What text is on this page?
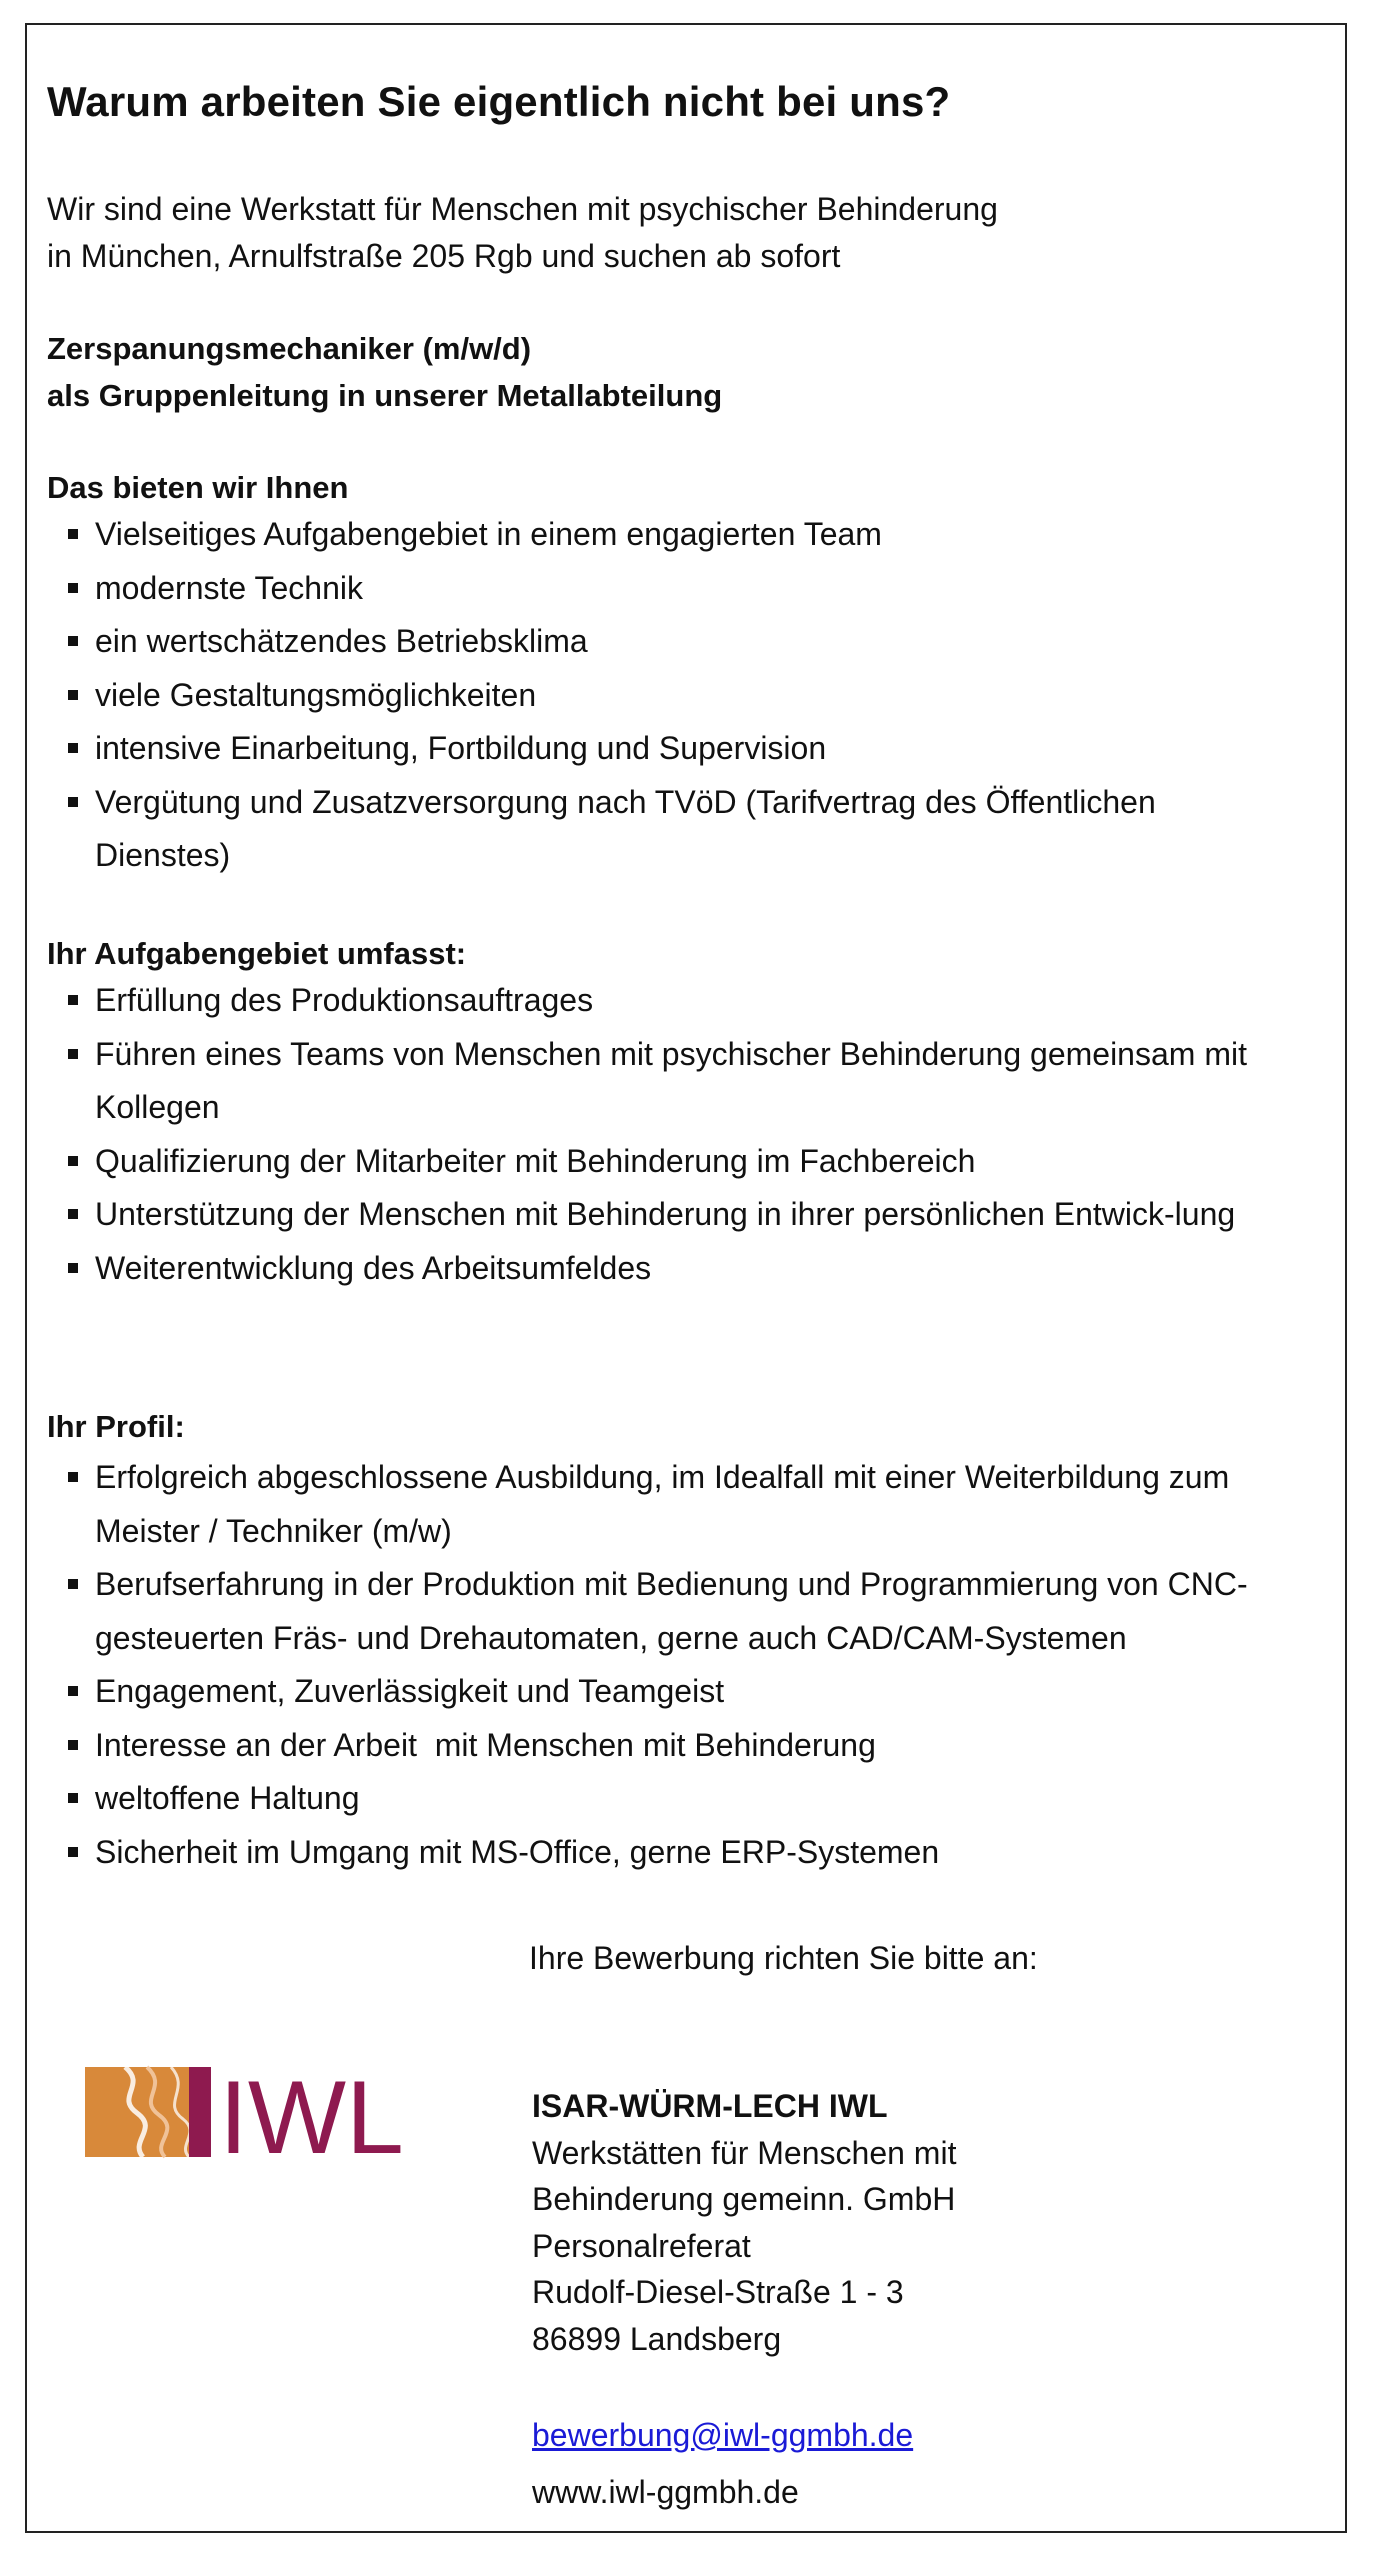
Warum arbeiten Sie eigentlich nicht bei uns?

Wir sind eine Werkstatt für Menschen mit psychischer Behinderung
in München, Arnulfstraße 205 Rgb und suchen ab sofort

Zerspanungsmechaniker (m/w/d)
als Gruppenleitung in unserer Metallabteilung

Das bieten wir Ihnen
Vielseitiges Aufgabengebiet in einem engagierten Team
modernste Technik
ein wertschätzendes Betriebsklima
viele Gestaltungsmöglichkeiten
intensive Einarbeitung, Fortbildung und Supervision
Vergütung und Zusatzversorgung nach TVöD (Tarifvertrag des Öffentlichen Dienstes)
Ihr Aufgabengebiet umfasst:
Erfüllung des Produktionsauftrages
Führen eines Teams von Menschen mit psychischer Behinderung gemeinsam mit Kollegen
Qualifizierung der Mitarbeiter mit Behinderung im Fachbereich
Unterstützung der Menschen mit Behinderung in ihrer persönlichen Entwick-lung
Weiterentwicklung des Arbeitsumfeldes
Ihr Profil:
Erfolgreich abgeschlossene Ausbildung, im Idealfall mit einer Weiterbildung zum Meister / Techniker (m/w)
Berufserfahrung in der Produktion mit Bedienung und Programmierung von CNC-gesteuerten Fräs- und Drehautomaten, gerne auch CAD/CAM-Systemen
Engagement, Zuverlässigkeit und Teamgeist
Interesse an der Arbeit  mit Menschen mit Behinderung
weltoffene Haltung
Sicherheit im Umgang mit MS-Office, gerne ERP-Systemen

Ihre Bewerbung richten Sie bitte an:

IWL	ISAR-WÜRM-LECH IWL
Werkstätten für Menschen mit
Behinderung gemeinn. GmbH
Personalreferat
Rudolf-Diesel-Straße 1 - 3
86899 Landsberg

bewerbung@iwl-ggmbh.de
www.iwl-ggmbh.de
